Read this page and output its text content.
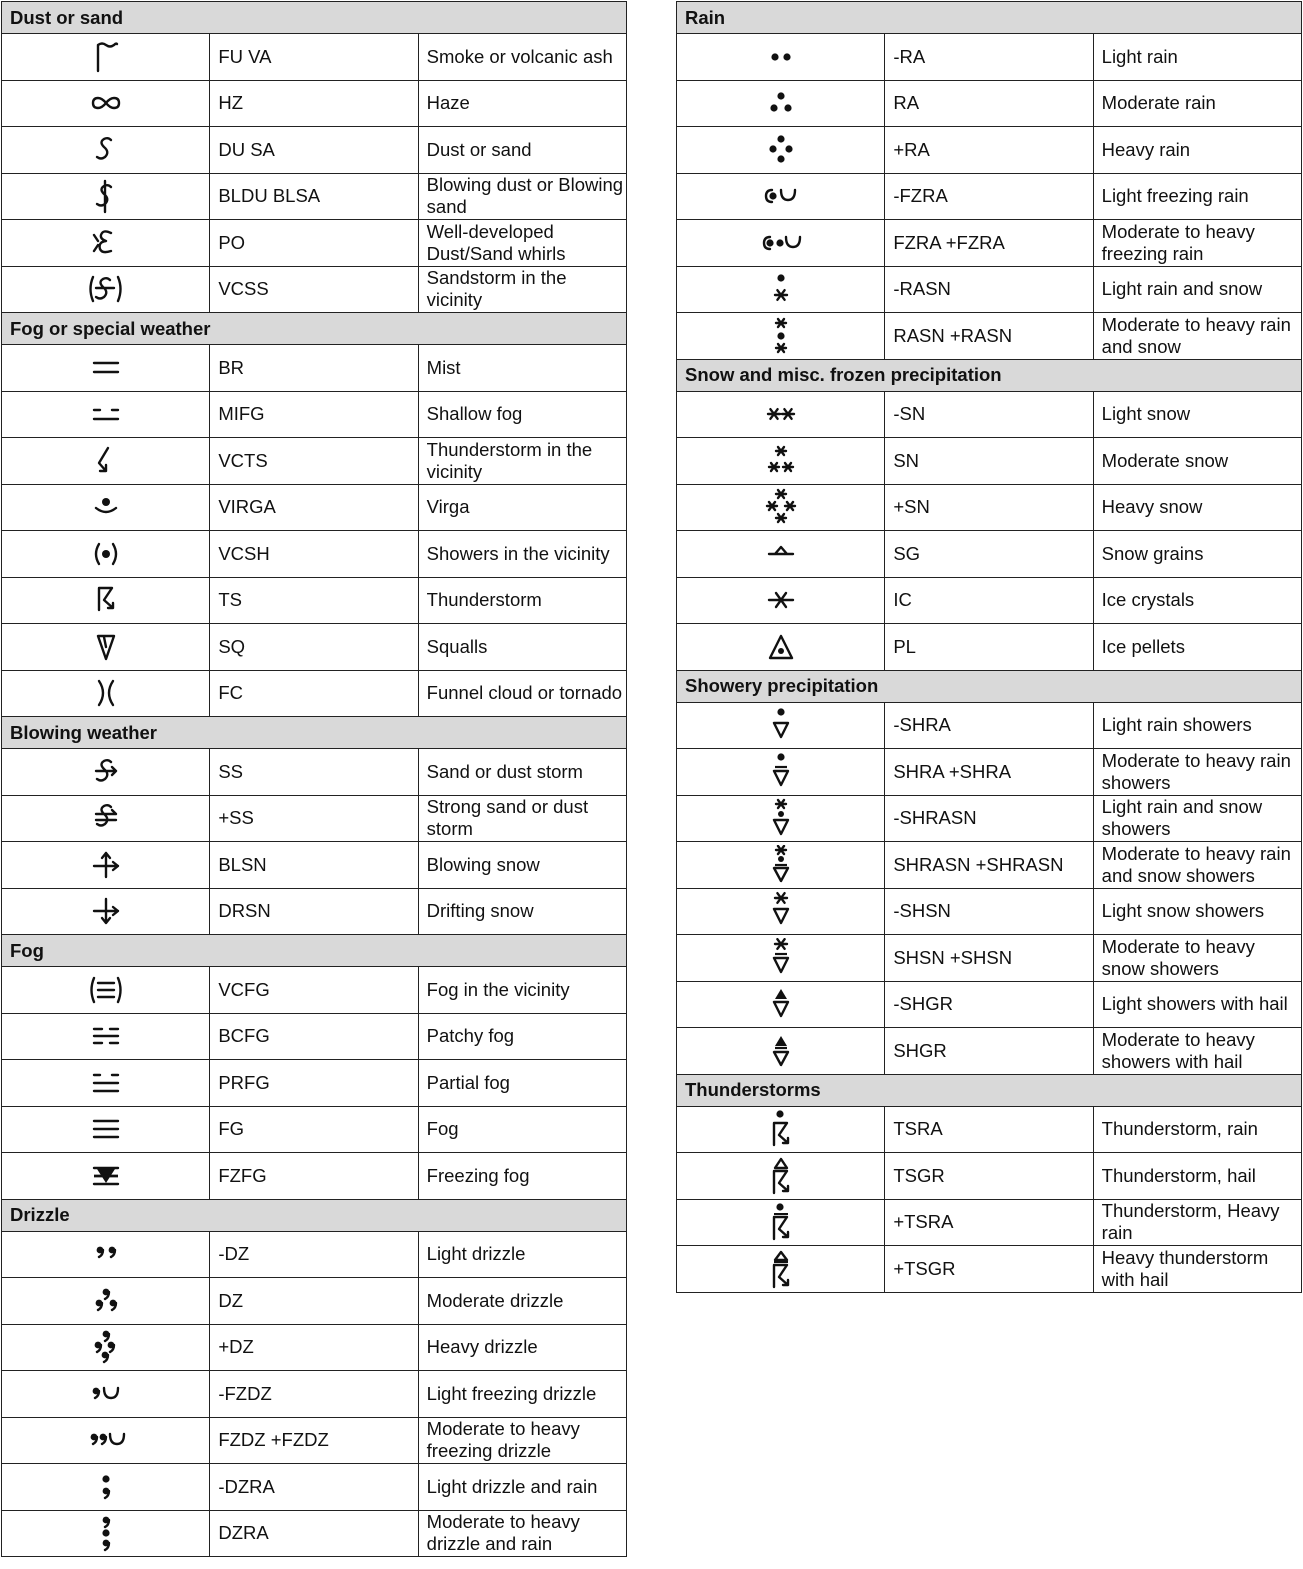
Dust or sand		

	FU VA	Smoke or volcanic ash

	HZ	Haze

	DU SA	Dust or sand

	BLDU BLSA	Blowing dust or Blowing sand

	PO	Well-developed Dust/Sand whirls

	VCSS	Sandstorm in the vicinity
Fog or special weather		

	BR	Mist

	MIFG	Shallow fog

	VCTS	Thunderstorm in the vicinity

	VIRGA	Virga

	VCSH	Showers in the vicinity

	TS	Thunderstorm

	SQ	Squalls

	FC	Funnel cloud or tornado
Blowing weather		

	SS	Sand or dust storm

	+SS	Strong sand or dust storm

	BLSN	Blowing snow

	DRSN	Drifting snow
Fog		

	VCFG	Fog in the vicinity

	BCFG	Patchy fog

	PRFG	Partial fog

	FG	Fog

	FZFG	Freezing fog
Drizzle		

	-DZ	Light drizzle

	DZ	Moderate drizzle

	+DZ	Heavy drizzle

	-FZDZ	Light freezing drizzle

	FZDZ +FZDZ	Moderate to heavy freezing drizzle

	-DZRA	Light drizzle and rain

	DZRA	Moderate to heavy drizzle and rain
Rain		

	-RA	Light rain

	RA	Moderate rain

	+RA	Heavy rain

	-FZRA	Light freezing rain

	FZRA +FZRA	Moderate to heavy freezing rain

	-RASN	Light rain and snow

	RASN +RASN	Moderate to heavy rain and snow
Snow and misc. frozen precipitation		

	-SN	Light snow

	SN	Moderate snow

	+SN	Heavy snow

	SG	Snow grains

	IC	Ice crystals

	PL	Ice pellets
Showery precipitation		

	-SHRA	Light rain showers

	SHRA +SHRA	Moderate to heavy rain showers

	-SHRASN	Light rain and snow showers

	SHRASN +SHRASN	Moderate to heavy rain and snow showers

	-SHSN	Light snow showers

	SHSN +SHSN	Moderate to heavy snow showers

	-SHGR	Light showers with hail

	SHGR	Moderate to heavy showers with hail
Thunderstorms		

	TSRA	Thunderstorm, rain

	TSGR	Thunderstorm, hail

	+TSRA	Thunderstorm, Heavy rain

	+TSGR	Heavy thunderstorm with hail
